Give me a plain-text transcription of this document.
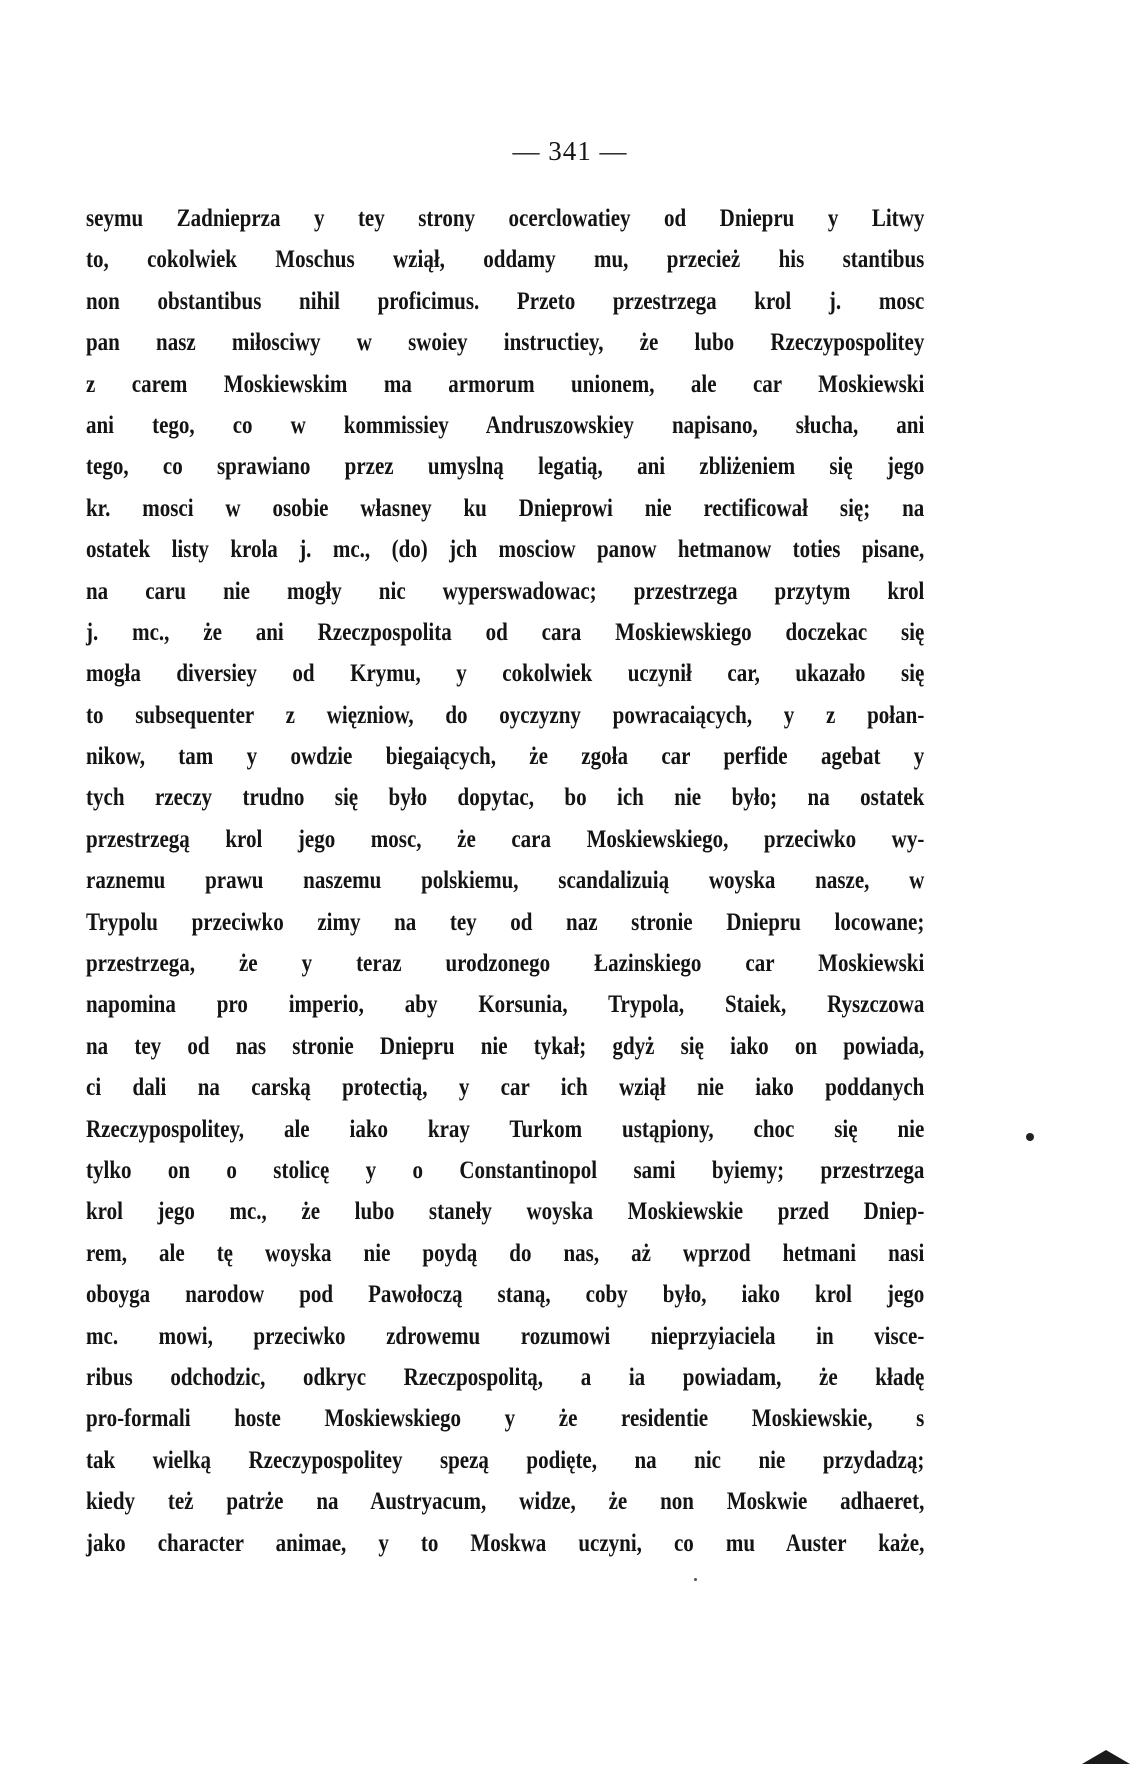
— 341 —
seymu Zadnieprza y tey strony ocerclowatiey od Dniepru y Litwy
to, cokolwiek Moschus wziął, oddamy mu, przecież his stantibus
non obstantibus nihil proficimus. Przeto przestrzega krol j. mosc
pan nasz miłosciwy w swoiey instructiey, że lubo Rzeczypospolitey
z carem Moskiewskim ma armorum unionem, ale car Moskiewski
ani tego, co w kommissiey Andruszowskiey napisano, słucha, ani
tego, co sprawiano przez umyslną legatią, ani zbliżeniem się jego
kr. mosci w osobie własney ku Dnieprowi nie rectificował się; na
ostatek listy krola j. mc., (do) jch mosciow panow hetmanow toties pisane,
na caru nie mogły nic wyperswadowac; przestrzega przytym krol
j. mc., że ani Rzeczpospolita od cara Moskiewskiego doczekac się
mogła diversiey od Krymu, y cokolwiek uczynił car, ukazało się
to subsequenter z więzniow, do oyczyzny powracaiących, y z połan-
nikow, tam y owdzie biegaiących, że zgoła car perfide agebat y
tych rzeczy trudno się było dopytac, bo ich nie było; na ostatek
przestrzegą krol jego mosc, że cara Moskiewskiego, przeciwko wy-
raznemu prawu naszemu polskiemu, scandalizuią woyska nasze, w
Trypolu przeciwko zimy na tey od naz stronie Dniepru locowane;
przestrzega, że y teraz urodzonego Łazinskiego car Moskiewski
napomina pro imperio, aby Korsunia, Trypola, Staiek, Ryszczowa
na tey od nas stronie Dniepru nie tykał; gdyż się iako on powiada,
ci dali na carską protectią, y car ich wziął nie iako poddanych
Rzeczypospolitey, ale iako kray Turkom ustąpiony, choc się nie
tylko on o stolicę y o Constantinopol sami byiemy; przestrzega
krol jego mc., że lubo staneły woyska Moskiewskie przed Dniep-
rem, ale tę woyska nie poydą do nas, aż wprzod hetmani nasi
oboyga narodow pod Pawołoczą staną, coby było, iako krol jego
mc. mowi, przeciwko zdrowemu rozumowi nieprzyiaciela in visce-
ribus odchodzic, odkryc Rzeczpospolitą, a ia powiadam, że kładę
pro-formali hoste Moskiewskiego y że residentie Moskiewskie, s
tak wielką Rzeczypospolitey spezą podięte, na nic nie przydadzą;
kiedy też patrże na Austryacum, widze, że non Moskwie adhaeret,
jako character animae, y to Moskwa uczyni, co mu Auster każe,
